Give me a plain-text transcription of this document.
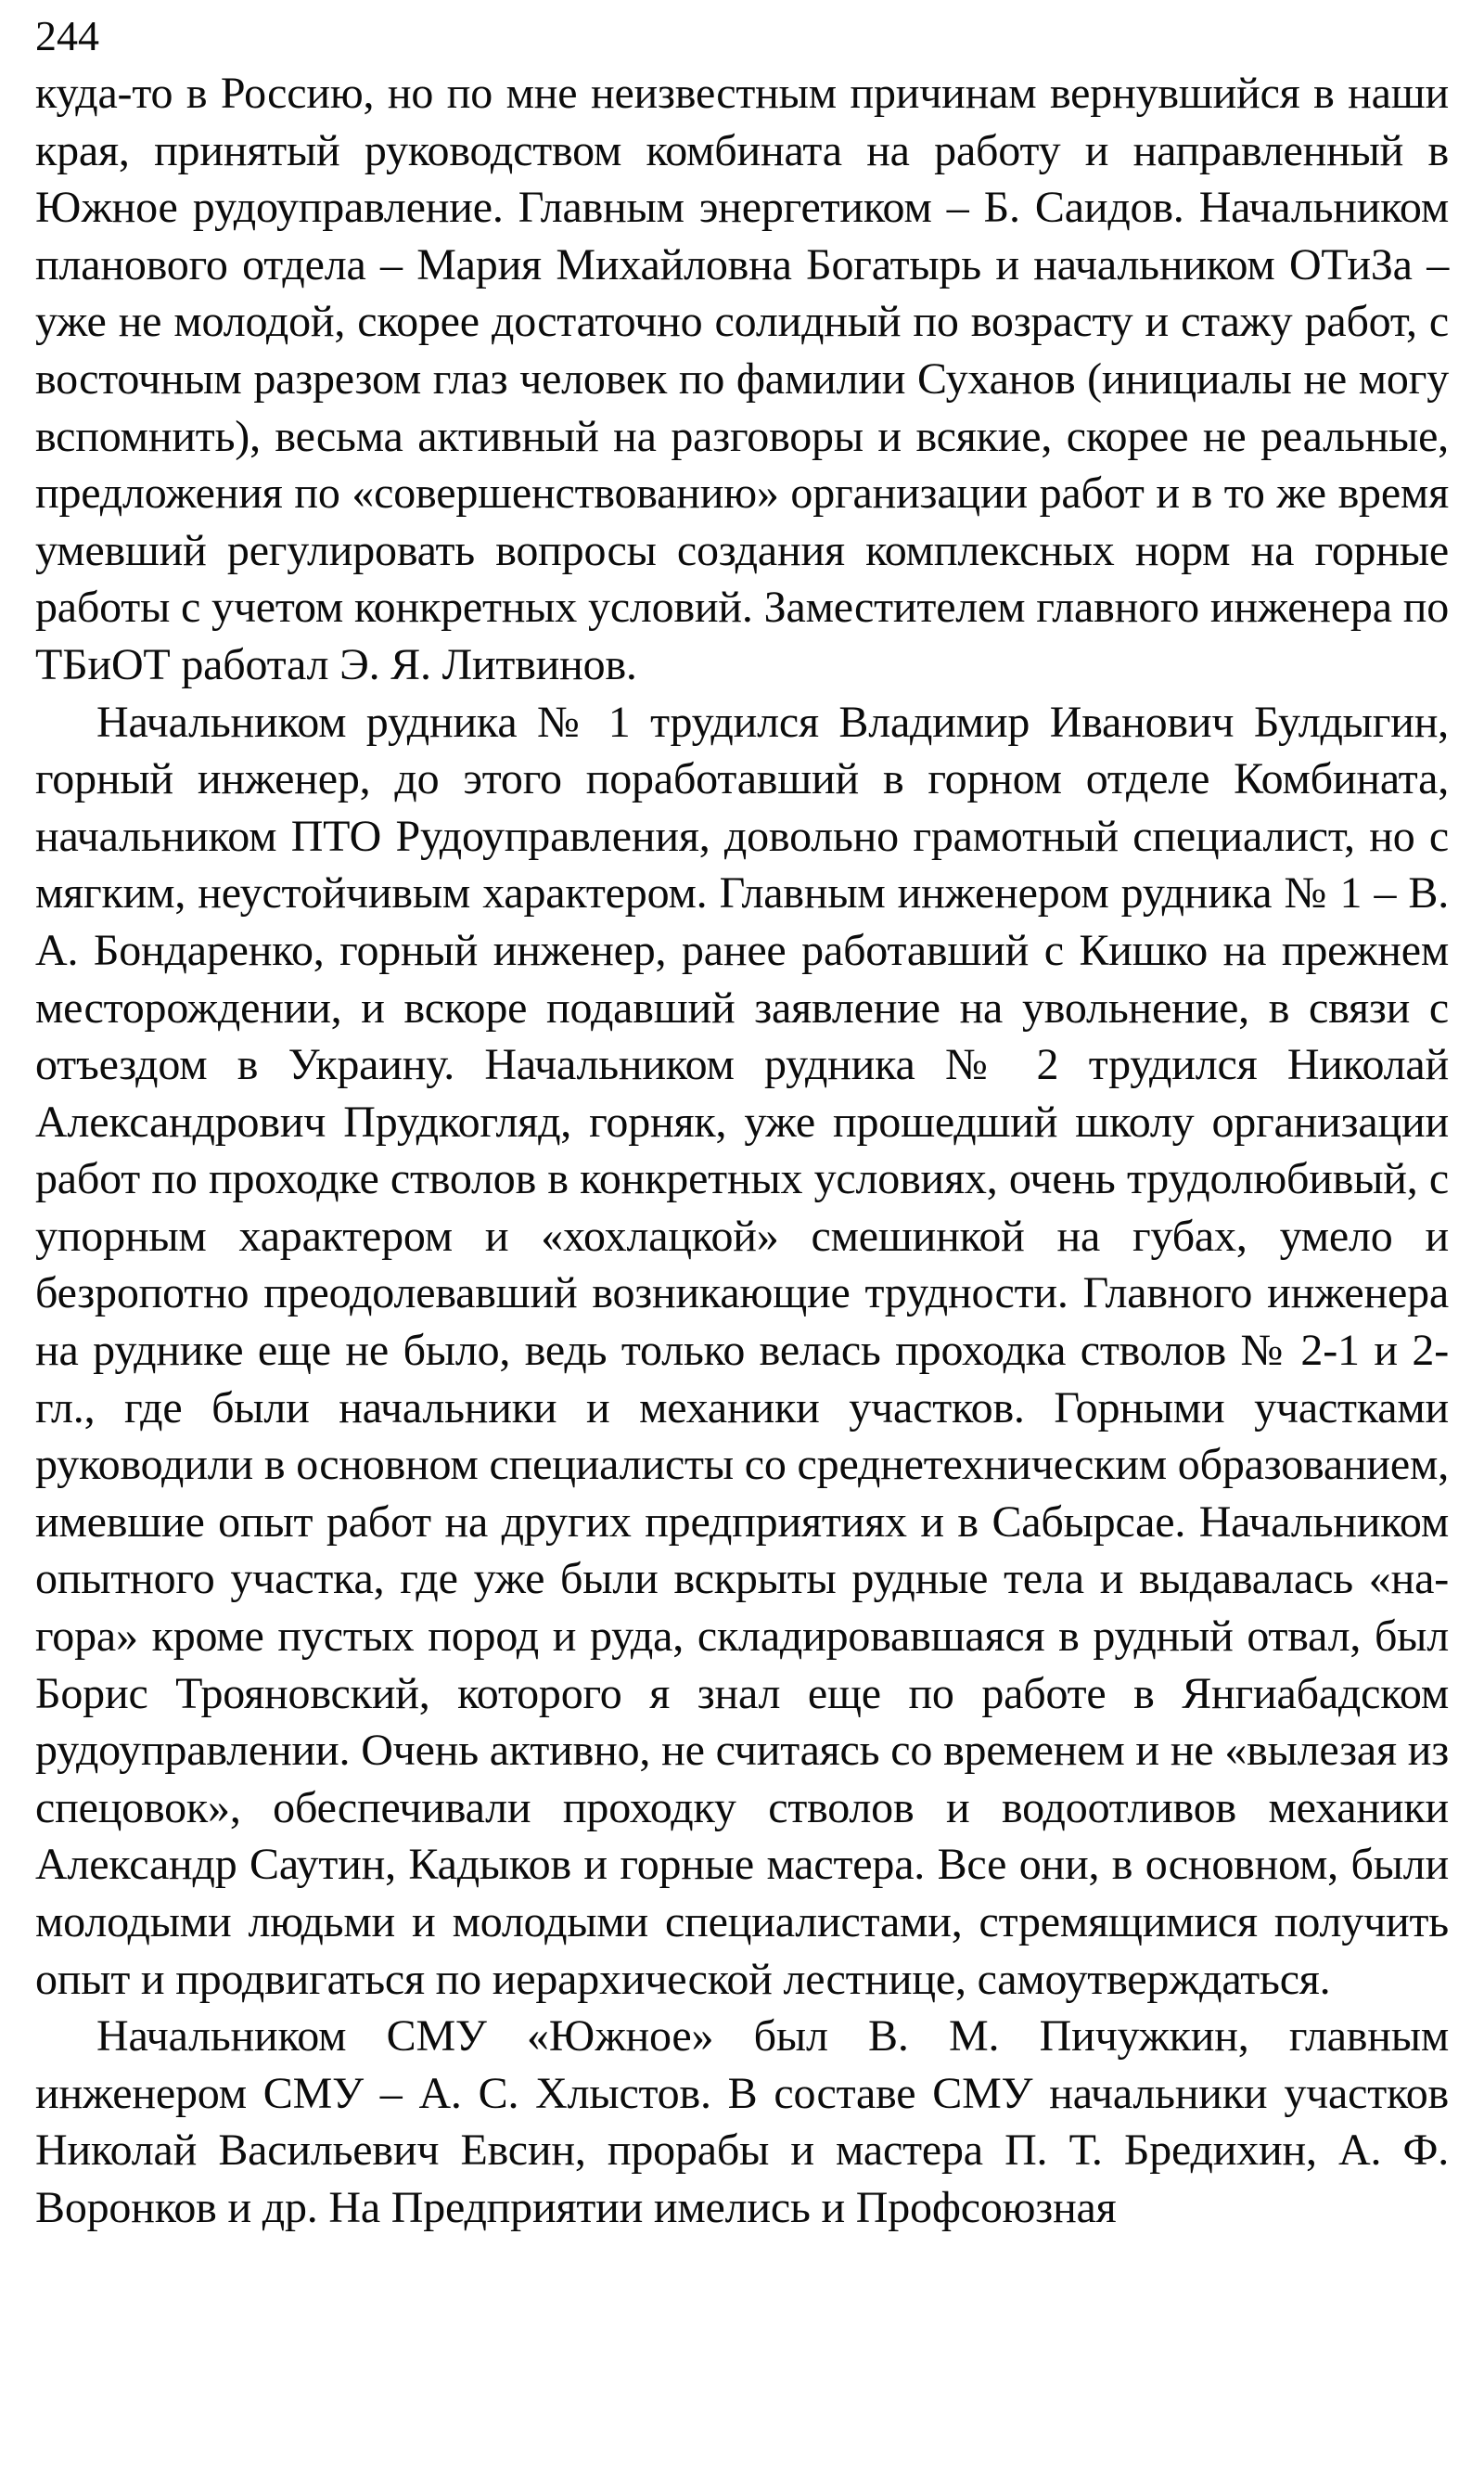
244

куда-то в Россию, но по мне неизвестным причинам вернувшийся в наши края, принятый руководством комбината на работу и направленный в Южное рудоуправление. Главным энергетиком – Б. Саидов. Начальником планового отдела – Мария Михайловна Богатырь и начальником ОТиЗа – уже не молодой, скорее достаточно солидный по возрасту и стажу работ, с восточным разрезом глаз человек по фамилии Суханов (инициалы не могу вспомнить), весьма активный на разговоры и всякие, скорее не реальные, предложения по «совершенствованию» организации работ и в то же время умевший регулировать вопросы создания комплексных норм на горные работы с учетом конкретных условий. Заместителем главного инженера по ТБиОТ работал Э. Я. Литвинов.

Начальником рудника № 1 трудился Владимир Иванович Булдыгин, горный инженер, до этого поработавший в горном отделе Комбината, начальником ПТО Рудоуправления, довольно грамотный специалист, но с мягким, неустойчивым характером. Главным инженером рудника № 1 – В. А. Бондаренко, горный инженер, ранее работавший с Кишко на прежнем месторождении, и вскоре подавший заявление на увольнение, в связи с отъездом в Украину. Начальником рудника № 2 трудился Николай Александрович Прудкогляд, горняк, уже прошедший школу организации работ по проходке стволов в конкретных условиях, очень трудолюбивый, с упорным характером и «хохлацкой» смешинкой на губах, умело и безропотно преодолевавший возникающие трудности. Главного инженера на руднике еще не было, ведь только велась проходка стволов № 2-1 и 2-гл., где были начальники и механики участков. Горными участками руководили в основном специалисты со среднетехническим образованием, имевшие опыт работ на других предприятиях и в Сабырсае. Начальником опытного участка, где уже были вскрыты рудные тела и выдавалась «на-гора» кроме пустых пород и руда, складировавшаяся в рудный отвал, был Борис Трояновский, которого я знал еще по работе в Янгиабадском рудоуправлении. Очень активно, не считаясь со временем и не «вылезая из спецовок», обеспечивали проходку стволов и водоотливов механики Александр Саутин, Кадыков и горные мастера. Все они, в основном, были молодыми людьми и молодыми специалистами, стремящимися получить опыт и продвигаться по иерархической лестнице, самоутверждаться.

Начальником СМУ «Южное» был В. М. Пичужкин, главным инженером СМУ – А. С. Хлыстов. В составе СМУ начальники участков Николай Васильевич Евсин, прорабы и мастера П. Т. Бредихин, А. Ф. Воронков и др. На Предприятии имелись и Профсоюзная
